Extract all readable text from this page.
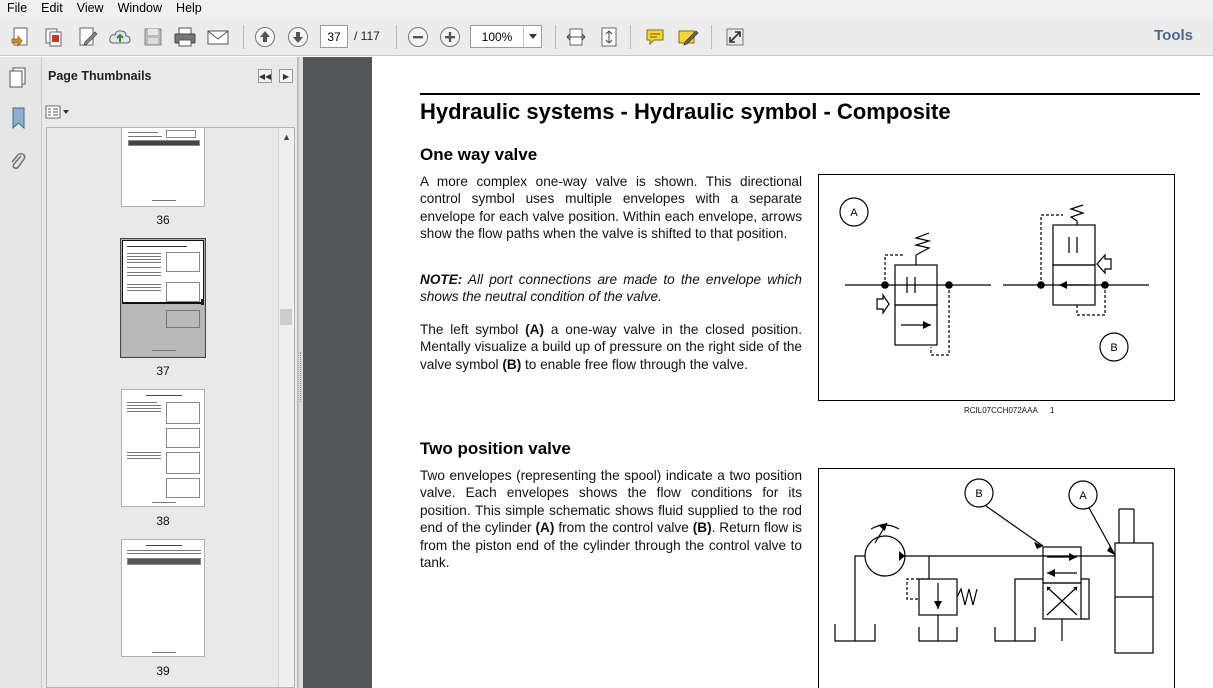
File	Edit	View	Window	Help
37	/ 117	100%	Tools
Page Thumbnails	◀◀	▶
36
37
38
39
▲
Hydraulic systems - Hydraulic symbol - Composite
One way valve
A more complex one-way valve is shown. This directional control symbol uses multiple envelopes with a separate envelope for each valve position. Within each envelope, arrows show the flow paths when the valve is shifted to that position.
NOTE: All port connections are made to the envelope which shows the neutral condition of the valve.
The left symbol (A) a one-way valve in the closed position. Mentally visualize a build up of pressure on the right side of the valve symbol (B) to enable free flow through the valve.
A
B
RCIL07CCH072AAA 1
Two position valve
Two envelopes (representing the spool) indicate a two position valve. Each envelopes shows the flow conditions for its position. This simple schematic shows fluid supplied to the rod end of the cylinder (A) from the control valve (B). Return flow is from the piston end of the cylinder through the control valve to tank.
B	A
